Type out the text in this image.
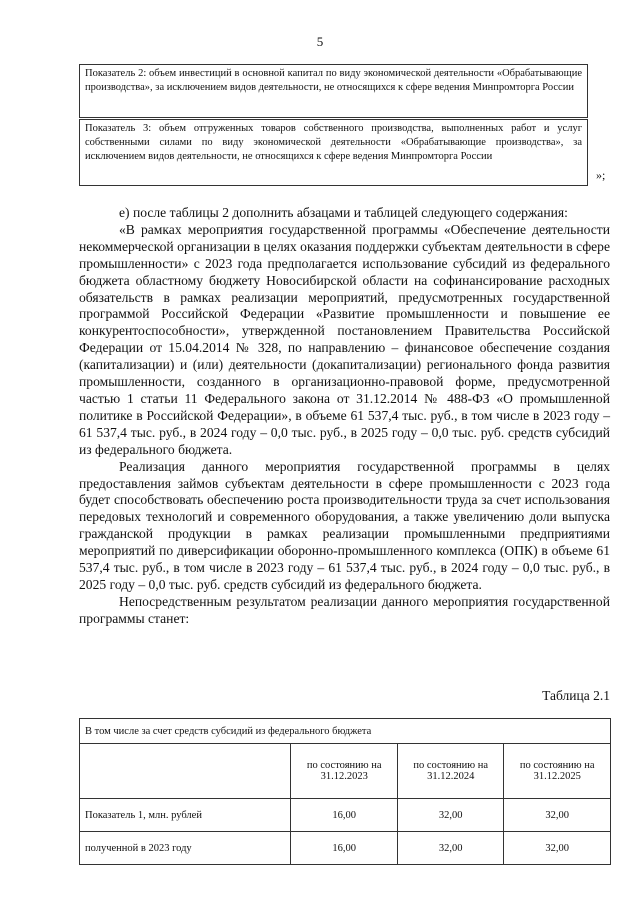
5
Показатель 2: объем инвестиций в основной капитал по виду экономической деятельности «Обрабатывающие производства», за исключением видов деятельности, не относящихся к сфере ведения Минпромторга России
Показатель 3: объем отгруженных товаров собственного производства, выполненных работ и услуг собственными силами по виду экономической деятельности «Обрабатывающие производства», за исключением видов деятельности, не относящихся к сфере ведения Минпромторга России
»;

е) после таблицы 2 дополнить абзацами и таблицей следующего содержания:

«В рамках мероприятия государственной программы «Обеспечение деятельности некоммерческой организации в целях оказания поддержки субъектам деятельности в сфере промышленности» с 2023 года предполагается использование субсидий из федерального бюджета областному бюджету Новосибирской области на софинансирование расходных обязательств в рамках реализации мероприятий, предусмотренных государственной программой Российской Федерации «Развитие промышленности и повышение ее конкурентоспособности», утвержденной постановлением Правительства Российской Федерации от 15.04.2014 № 328, по направлению – финансовое обеспечение создания (капитализации) и (или) деятельности (докапитализации) регионального фонда развития промышленности, созданного в организационно-правовой форме, предусмотренной частью 1 статьи 11 Федерального закона от 31.12.2014 № 488-ФЗ «О промышленной политике в Российской Федерации», в объеме 61 537,4 тыс. руб., в том числе в 2023 году – 61 537,4 тыс. руб., в 2024 году – 0,0 тыс. руб., в 2025 году – 0,0 тыс. руб. средств субсидий из федерального бюджета.

Реализация данного мероприятия государственной программы в целях предоставления займов субъектам деятельности в сфере промышленности с 2023 года будет способствовать обеспечению роста производительности труда за счет использования передовых технологий и современного оборудования, а также увеличению доли выпуска гражданской продукции в рамках реализации промышленными предприятиями мероприятий по диверсификации оборонно-промышленного комплекса (ОПК) в объеме 61 537,4 тыс. руб., в том числе в 2023 году – 61 537,4 тыс. руб., в 2024 году – 0,0 тыс. руб., в 2025 году – 0,0 тыс. руб. средств субсидий из федерального бюджета.

Непосредственным результатом реализации данного мероприятия государственной программы станет:

Таблица 2.1
В том числе за счет средств субсидий из федерального бюджета			
	по состоянию на 31.12.2023	по состоянию на 31.12.2024	по состоянию на 31.12.2025
Показатель 1, млн. рублей	16,00	32,00	32,00
полученной в 2023 году	16,00	32,00	32,00
